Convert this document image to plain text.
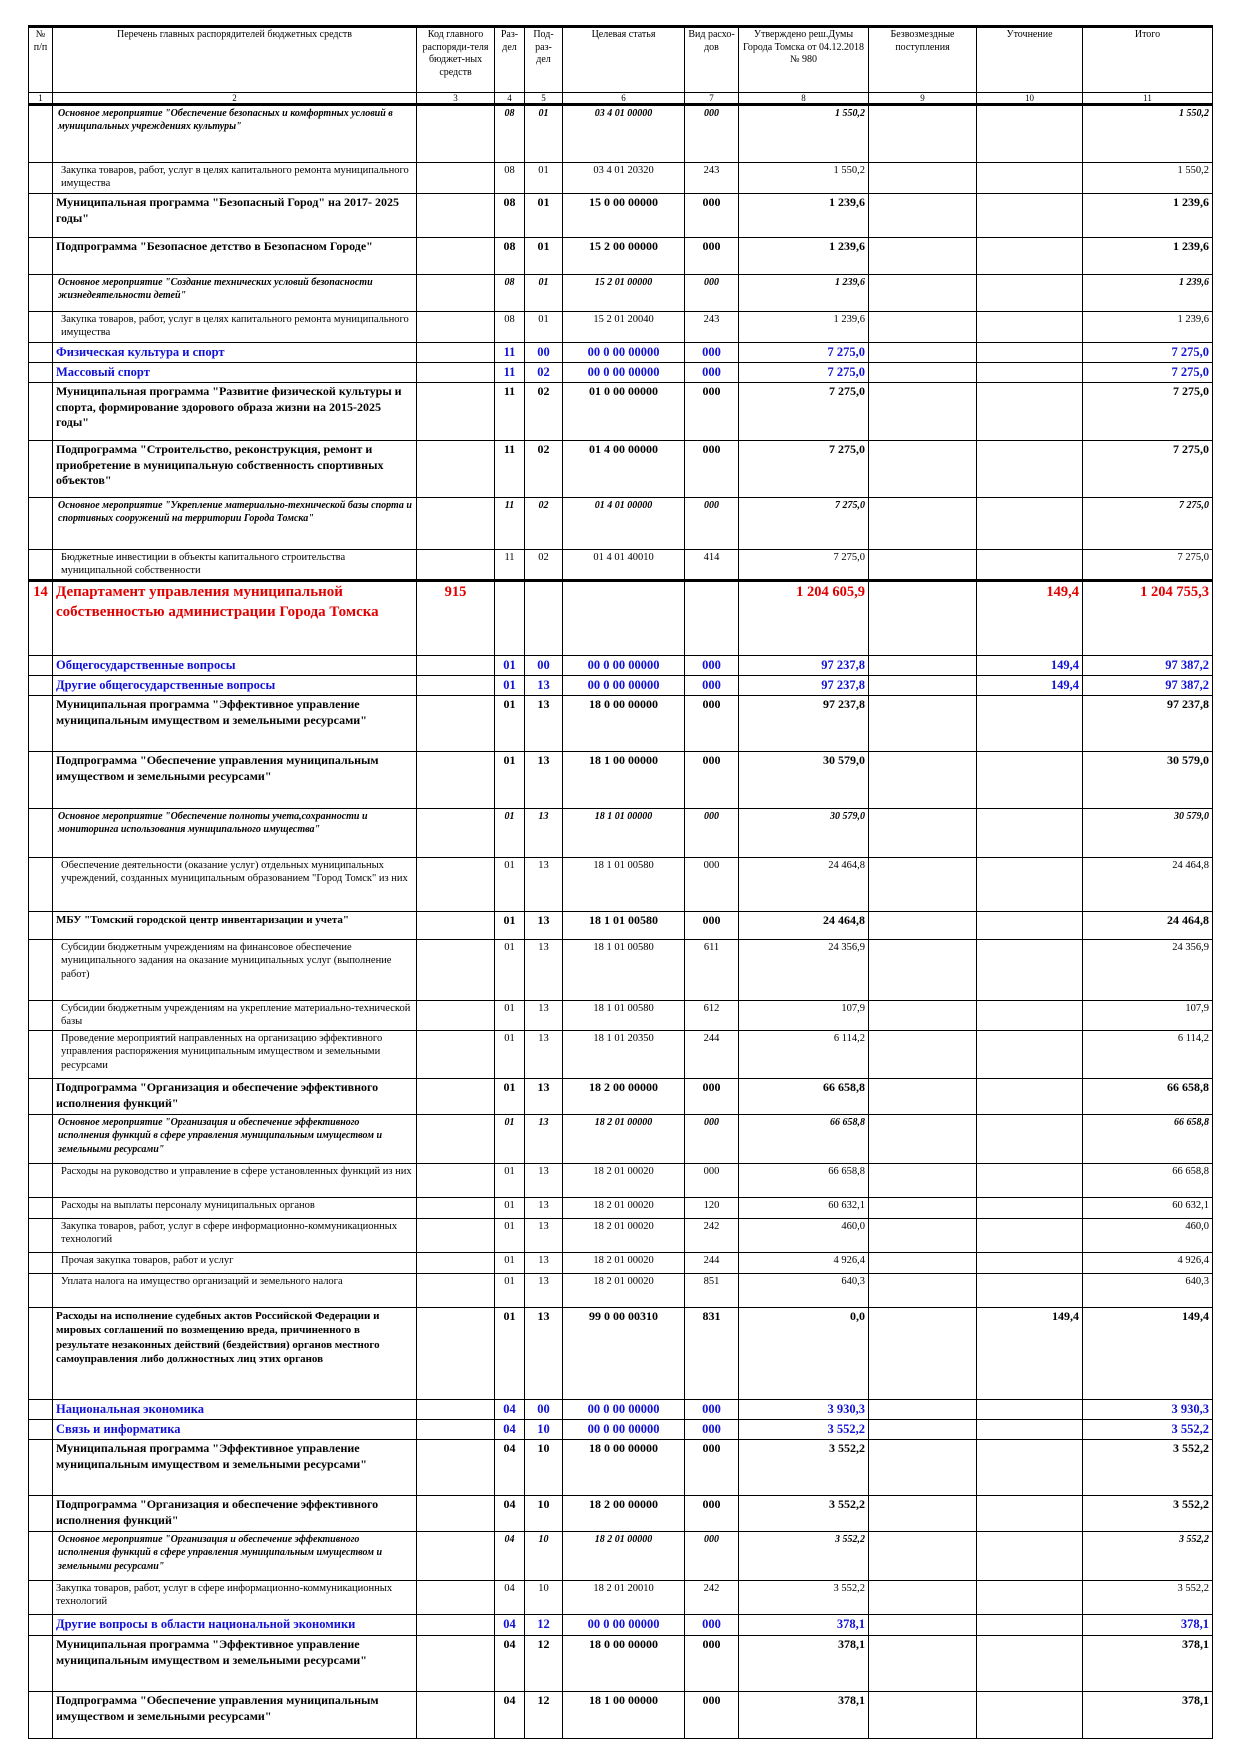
№ п/п	Перечень главных распорядителей бюджетных средств	Код главного распоряди-теля бюджет-ных средств	Раз-дел	Под-раз-дел	Целевая статья	Вид расхо-дов	Утверждено реш.Думы Города Томска от 04.12.2018 № 980	Безвозмездные поступления	Уточнение	Итого
1	2	3	4	5	6	7	8	9	10	11
	Основное мероприятие "Обеспечение безопасных и комфортных условий в муниципальных учреждениях культуры"		08	01	03 4 01 00000	000	1 550,2			1 550,2
	Закупка товаров, работ, услуг в целях капитального ремонта муниципального имущества		08	01	03 4 01 20320	243	1 550,2			1 550,2
	Муниципальная программа "Безопасный Город" на 2017- 2025 годы"		08	01	15 0 00 00000	000	1 239,6			1 239,6
	Подпрограмма "Безопасное детство в Безопасном Городе"		08	01	15 2 00 00000	000	1 239,6			1 239,6
	Основное мероприятие "Создание технических условий безопасности жизнедеятельности детей"		08	01	15 2 01 00000	000	1 239,6			1 239,6
	Закупка товаров, работ, услуг в целях капитального ремонта муниципального имущества		08	01	15 2 01 20040	243	1 239,6			1 239,6
	Физическая культура и спорт		11	00	00 0 00 00000	000	7 275,0			7 275,0
	Массовый спорт		11	02	00 0 00 00000	000	7 275,0			7 275,0
	Муниципальная программа "Развитие физической культуры и спорта, формирование здорового образа жизни на 2015-2025 годы"		11	02	01 0 00 00000	000	7 275,0			7 275,0
	Подпрограмма "Строительство, реконструкция, ремонт и приобретение в муниципальную собственность спортивных объектов"		11	02	01 4 00 00000	000	7 275,0			7 275,0
	Основное мероприятие "Укрепление материально-технической базы спорта и спортивных сооружений на территории Города Томска"		11	02	01 4 01 00000	000	7 275,0			7 275,0
	Бюджетные инвестиции в объекты капитального строительства муниципальной собственности		11	02	01 4 01 40010	414	7 275,0			7 275,0
14	Департамент управления муниципальной собственностью администрации Города Томска	915					1 204 605,9		149,4	1 204 755,3
	Общегосударственные вопросы		01	00	00 0 00 00000	000	97 237,8		149,4	97 387,2
	Другие общегосударственные вопросы		01	13	00 0 00 00000	000	97 237,8		149,4	97 387,2
	Муниципальная программа "Эффективное управление муниципальным имуществом и земельными ресурсами"		01	13	18 0 00 00000	000	97 237,8			97 237,8
	Подпрограмма "Обеспечение управления муниципальным имуществом и земельными ресурсами"		01	13	18 1 00 00000	000	30 579,0			30 579,0
	Основное мероприятие "Обеспечение полноты учета,сохранности и мониторинга использования муниципального имущества"		01	13	18 1 01 00000	000	30 579,0			30 579,0
	Обеспечение деятельности (оказание услуг) отдельных муниципальных учреждений, созданных муниципальным образованием "Город Томск" из них		01	13	18 1 01 00580	000	24 464,8			24 464,8
	МБУ "Томский городской центр инвентаризации и учета"		01	13	18 1 01 00580	000	24 464,8			24 464,8
	Субсидии бюджетным учреждениям на финансовое обеспечение муниципального задания на оказание муниципальных услуг (выполнение работ)		01	13	18 1 01 00580	611	24 356,9			24 356,9
	Субсидии бюджетным учреждениям на укрепление материально-технической базы		01	13	18 1 01 00580	612	107,9			107,9
	Проведение мероприятий направленных на организацию эффективного управления распоряжения муниципальным имуществом и земельными ресурсами		01	13	18 1 01 20350	244	6 114,2			6 114,2
	Подпрограмма "Организация и обеспечение эффективного исполнения функций"		01	13	18 2 00 00000	000	66 658,8			66 658,8
	Основное мероприятие "Организация и обеспечение эффективного исполнения функций в сфере управления муниципальным имуществом и земельными ресурсами"		01	13	18 2 01 00000	000	66 658,8			66 658,8
	Расходы на руководство и управление в сфере установленных функций из них		01	13	18 2 01 00020	000	66 658,8			66 658,8
	Расходы на выплаты персоналу муниципальных органов		01	13	18 2 01 00020	120	60 632,1			60 632,1
	Закупка товаров, работ, услуг в сфере информационно-коммуникационных технологий		01	13	18 2 01 00020	242	460,0			460,0
	Прочая закупка товаров, работ и услуг		01	13	18 2 01 00020	244	4 926,4			4 926,4
	Уплата налога на имущество организаций и земельного налога		01	13	18 2 01 00020	851	640,3			640,3
	Расходы на исполнение судебных актов Российской Федерации и мировых соглашений по возмещению вреда, причиненного в результате незаконных действий (бездействия) органов местного самоуправления либо должностных лиц этих органов		01	13	99 0 00 00310	831	0,0		149,4	149,4
	Национальная экономика		04	00	00 0 00 00000	000	3 930,3			3 930,3
	Связь и информатика		04	10	00 0 00 00000	000	3 552,2			3 552,2
	Муниципальная программа "Эффективное управление муниципальным имуществом и земельными ресурсами"		04	10	18 0 00 00000	000	3 552,2			3 552,2
	Подпрограмма "Организация и обеспечение эффективного исполнения функций"		04	10	18 2 00 00000	000	3 552,2			3 552,2
	Основное мероприятие "Организация и обеспечение эффективного исполнения функций в сфере управления муниципальным имуществом и земельными ресурсами"		04	10	18 2 01 00000	000	3 552,2			3 552,2
	Закупка товаров, работ, услуг в сфере информационно-коммуникационных технологий		04	10	18 2 01 20010	242	3 552,2			3 552,2
	Другие вопросы в области национальной экономики		04	12	00 0 00 00000	000	378,1			378,1
	Муниципальная программа "Эффективное управление муниципальным имуществом и земельными ресурсами"		04	12	18 0 00 00000	000	378,1			378,1
	Подпрограмма "Обеспечение управления муниципальным имуществом и земельными ресурсами"		04	12	18 1 00 00000	000	378,1			378,1
